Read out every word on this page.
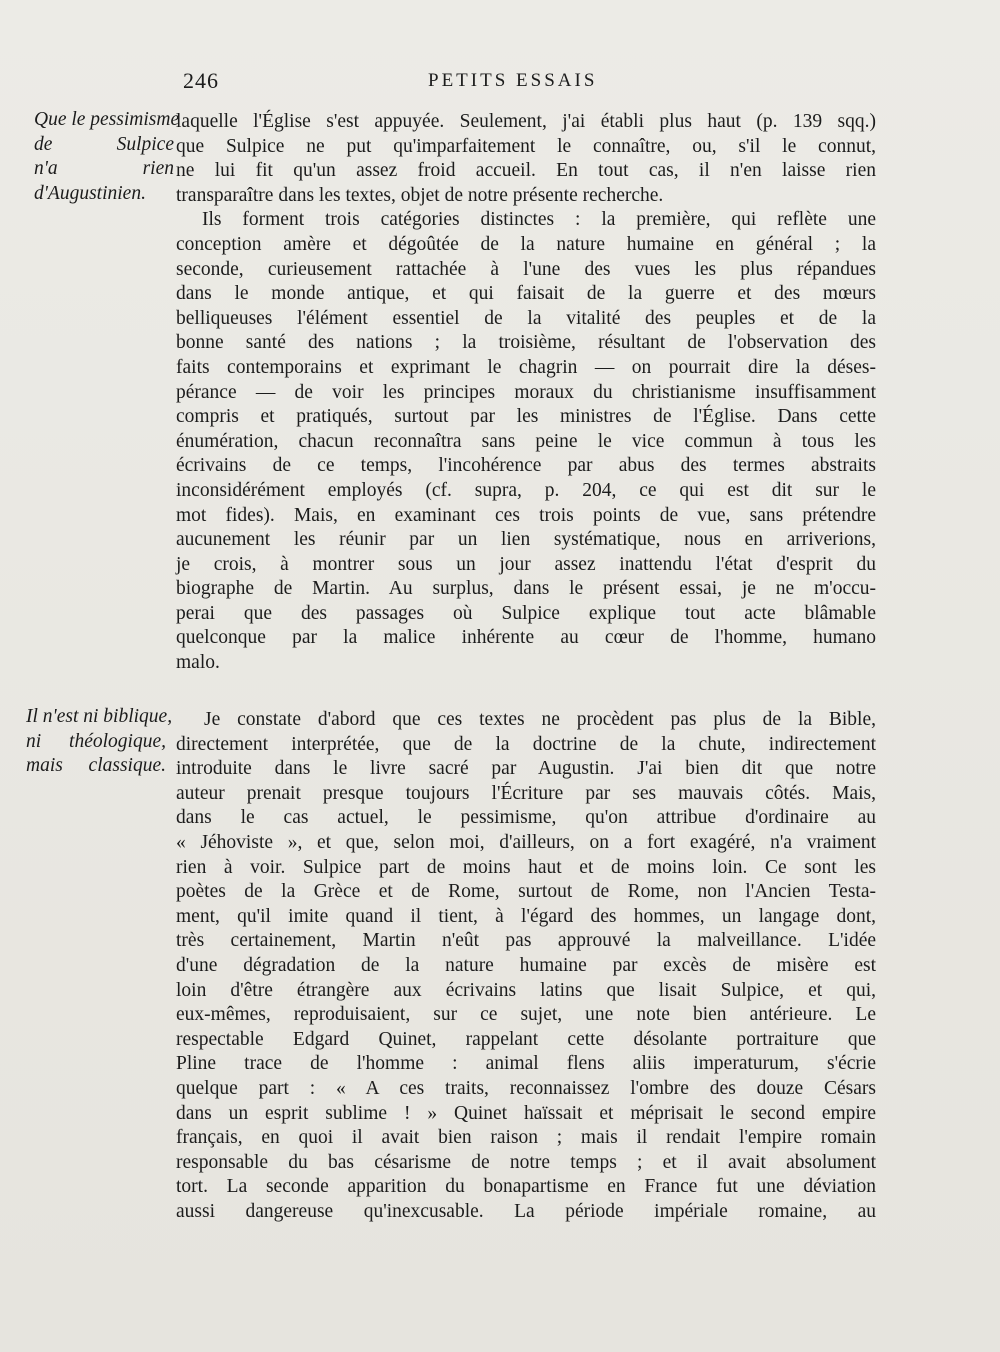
246	PETITS ESSAIS
Que le pessimisme
de Sulpice
n'a rien
d'Augustinien.
Il n'est ni biblique,
ni théologique,
mais classique.
laquelle l'Église s'est appuyée. Seulement, j'ai établi plus haut (p. 139 sqq.)
que Sulpice ne put qu'imparfaitement le connaître, ou, s'il le connut,
ne lui fit qu'un assez froid accueil. En tout cas, il n'en laisse rien
transparaître dans les textes, objet de notre présente recherche.
Ils forment trois catégories distinctes : la première, qui reflète une
conception amère et dégoûtée de la nature humaine en général ; la
seconde, curieusement rattachée à l'une des vues les plus répandues
dans le monde antique, et qui faisait de la guerre et des mœurs
belliqueuses l'élément essentiel de la vitalité des peuples et de la
bonne santé des nations ; la troisième, résultant de l'observation des
faits contemporains et exprimant le chagrin — on pourrait dire la déses-
pérance — de voir les principes moraux du christianisme insuffisamment
compris et pratiqués, surtout par les ministres de l'Église. Dans cette
énumération, chacun reconnaîtra sans peine le vice commun à tous les
écrivains de ce temps, l'incohérence par abus des termes abstraits
inconsidérément employés (cf. supra, p. 204, ce qui est dit sur le
mot fides). Mais, en examinant ces trois points de vue, sans prétendre
aucunement les réunir par un lien systématique, nous en arriverions,
je crois, à montrer sous un jour assez inattendu l'état d'esprit du
biographe de Martin. Au surplus, dans le présent essai, je ne m'occu-
perai que des passages où Sulpice explique tout acte blâmable
quelconque par la malice inhérente au cœur de l'homme, humano
malo.
Je constate d'abord que ces textes ne procèdent pas plus de la Bible,
directement interprétée, que de la doctrine de la chute, indirectement
introduite dans le livre sacré par Augustin. J'ai bien dit que notre
auteur prenait presque toujours l'Écriture par ses mauvais côtés. Mais,
dans le cas actuel, le pessimisme, qu'on attribue d'ordinaire au
« Jéhoviste », et que, selon moi, d'ailleurs, on a fort exagéré, n'a vraiment
rien à voir. Sulpice part de moins haut et de moins loin. Ce sont les
poètes de la Grèce et de Rome, surtout de Rome, non l'Ancien Testa-
ment, qu'il imite quand il tient, à l'égard des hommes, un langage dont,
très certainement, Martin n'eût pas approuvé la malveillance. L'idée
d'une dégradation de la nature humaine par excès de misère est
loin d'être étrangère aux écrivains latins que lisait Sulpice, et qui,
eux-mêmes, reproduisaient, sur ce sujet, une note bien antérieure. Le
respectable Edgard Quinet, rappelant cette désolante portraiture que
Pline trace de l'homme : animal flens aliis imperaturum, s'écrie
quelque part : « A ces traits, reconnaissez l'ombre des douze Césars
dans un esprit sublime ! » Quinet haïssait et méprisait le second empire
français, en quoi il avait bien raison ; mais il rendait l'empire romain
responsable du bas césarisme de notre temps ; et il avait absolument
tort. La seconde apparition du bonapartisme en France fut une déviation
aussi dangereuse qu'inexcusable. La période impériale romaine, au
